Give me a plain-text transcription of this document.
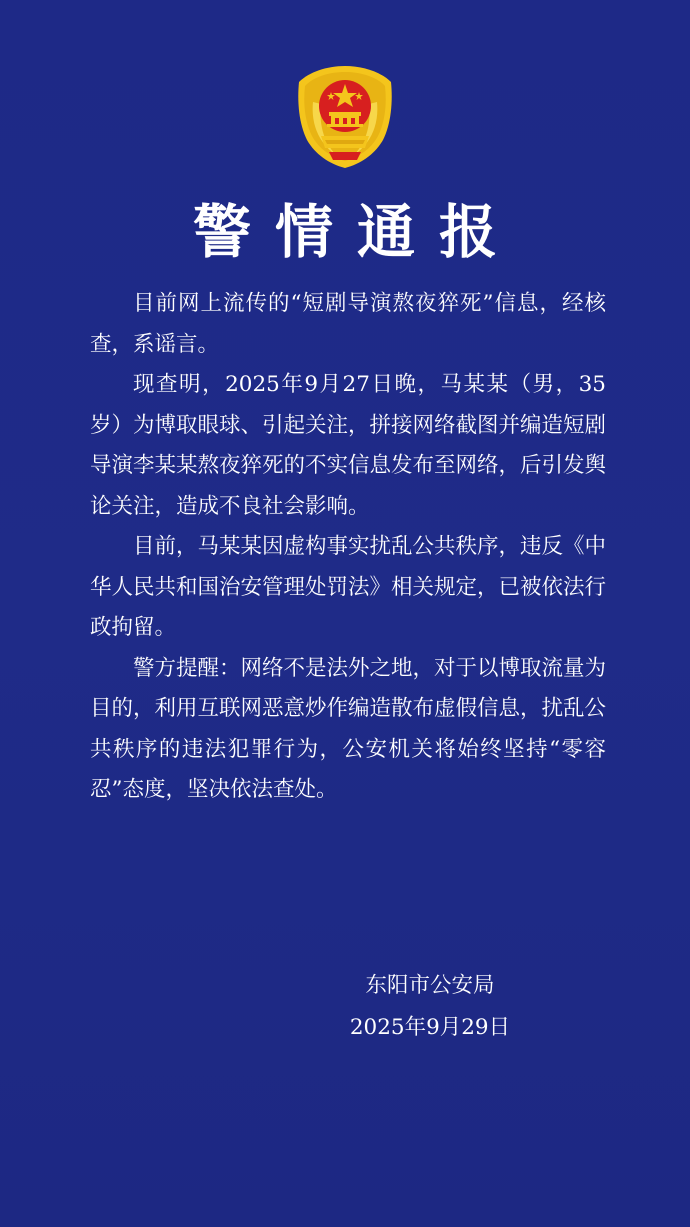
警情通报

目前网上流传的“短剧导演熬夜猝死”信息，经核查，系谣言。

现查明，2025年9月27日晚，马某某（男，35岁）为博取眼球、引起关注，拼接网络截图并编造短剧导演李某某熬夜猝死的不实信息发布至网络，后引发舆论关注，造成不良社会影响。

目前，马某某因虚构事实扰乱公共秩序，违反《中华人民共和国治安管理处罚法》相关规定，已被依法行政拘留。

警方提醒：网络不是法外之地，对于以博取流量为目的，利用互联网恶意炒作编造散布虚假信息，扰乱公共秩序的违法犯罪行为，公安机关将始终坚持“零容忍”态度，坚决依法查处。

东阳市公安局
2025年9月29日
